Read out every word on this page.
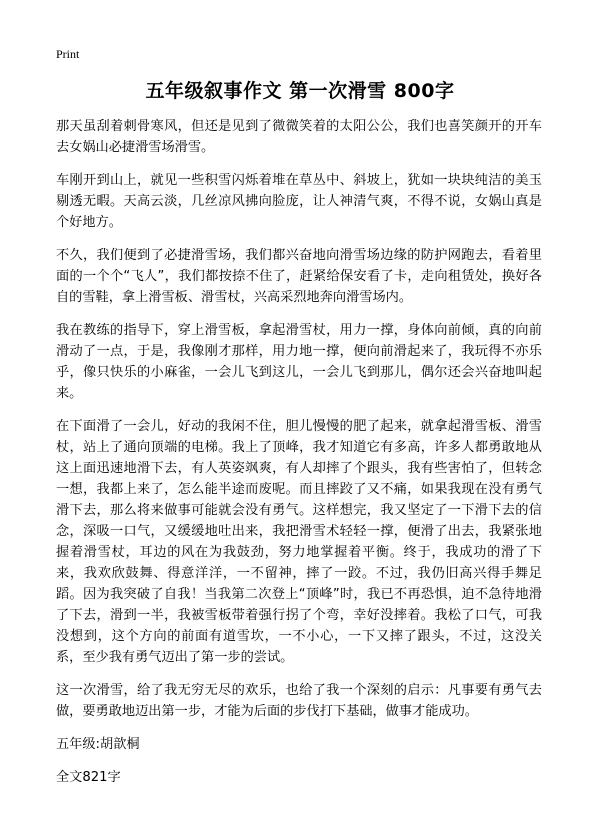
Print
五年级叙事作文 第一次滑雪 800字

那天虽刮着刺骨寒风，但还是见到了微微笑着的太阳公公，我们也喜笑颜开的开车去女娲山必捷滑雪场滑雪。

车刚开到山上，就见一些积雪闪烁着堆在草丛中、斜坡上，犹如一块块纯洁的美玉剔透无暇。天高云淡，几丝凉风拂向脸庞，让人神清气爽，不得不说，女娲山真是个好地方。

不久，我们便到了必捷滑雪场，我们都兴奋地向滑雪场边缘的防护网跑去，看着里面的一个个“飞人”，我们都按捺不住了，赶紧给保安看了卡，走向租赁处，换好各自的雪鞋，拿上滑雪板、滑雪杖，兴高采烈地奔向滑雪场内。

我在教练的指导下，穿上滑雪板，拿起滑雪杖，用力一撑，身体向前倾，真的向前滑动了一点，于是，我像刚才那样，用力地一撑，便向前滑起来了，我玩得不亦乐乎，像只快乐的小麻雀，一会儿飞到这儿，一会儿飞到那儿，偶尔还会兴奋地叫起来。

在下面滑了一会儿，好动的我闲不住，胆儿慢慢的肥了起来，就拿起滑雪板、滑雪杖，站上了通向顶端的电梯。我上了顶峰，我才知道它有多高，许多人都勇敢地从这上面迅速地滑下去，有人英姿飒爽，有人却摔了个跟头，我有些害怕了，但转念一想，我都上来了，怎么能半途而废呢。而且摔跤了又不痛，如果我现在没有勇气滑下去，那么将来做事可能就会没有勇气。这样想完，我又坚定了一下滑下去的信念，深吸一口气，又缓缓地吐出来，我把滑雪术轻轻一撑，便滑了出去，我紧张地握着滑雪杖，耳边的风在为我鼓劲，努力地掌握着平衡。终于，我成功的滑了下来，我欢欣鼓舞、得意洋洋，一不留神，摔了一跤。不过，我仍旧高兴得手舞足蹈。因为我突破了自我！当我第二次登上“顶峰”时，我已不再恐惧，迫不急待地滑了下去，滑到一半，我被雪板带着强行拐了个弯，幸好没摔着。我松了口气，可我没想到，这个方向的前面有道雪坎，一不小心，一下又摔了跟头，不过，这没关系，至少我有勇气迈出了第一步的尝试。

这一次滑雪，给了我无穷无尽的欢乐，也给了我一个深刻的启示：凡事要有勇气去做，要勇敢地迈出第一步，才能为后面的步伐打下基础，做事才能成功。

五年级:胡歆桐

全文821字
